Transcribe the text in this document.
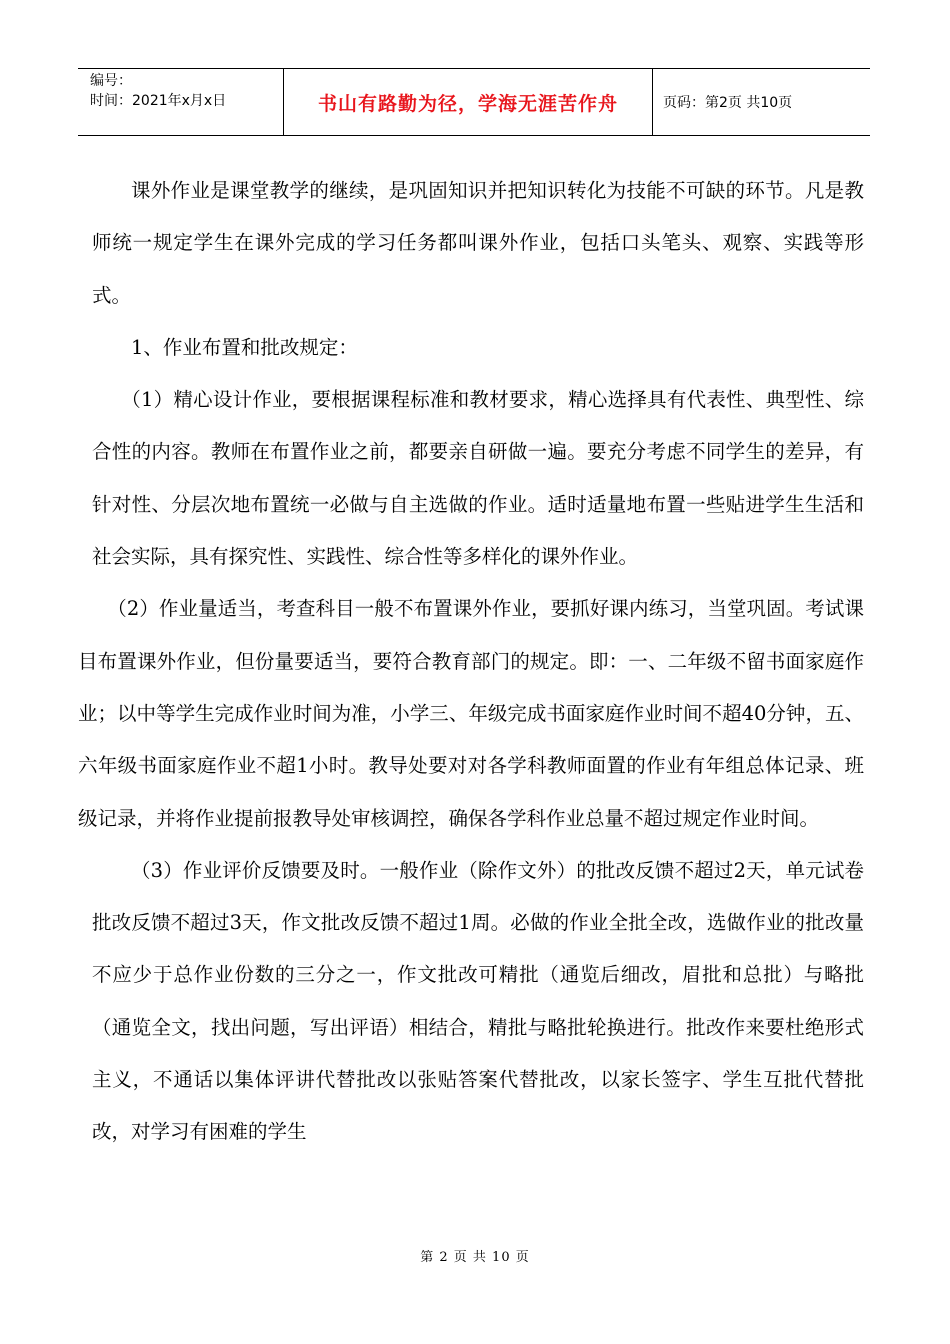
编号：
时间：2021年x月x日	书山有路勤为径，学海无涯苦作舟	页码：第2页 共10页

课外作业是课堂教学的继续，是巩固知识并把知识转化为技能不可缺的环节。凡是教师统一规定学生在课外完成的学习任务都叫课外作业，包括口头笔头、观察、实践等形式。

1、作业布置和批改规定：

（1）精心设计作业，要根据课程标准和教材要求，精心选择具有代表性、典型性、综合性的内容。教师在布置作业之前，都要亲自研做一遍。要充分考虑不同学生的差异，有针对性、分层次地布置统一必做与自主选做的作业。适时适量地布置一些贴进学生生活和社会实际，具有探究性、实践性、综合性等多样化的课外作业。

（2）作业量适当，考查科目一般不布置课外作业，要抓好课内练习，当堂巩固。考试课目布置课外作业，但份量要适当，要符合教育部门的规定。即：一、二年级不留书面家庭作业；以中等学生完成作业时间为准，小学三、年级完成书面家庭作业时间不超40分钟，五、六年级书面家庭作业不超1小时。教导处要对对各学科教师面置的作业有年组总体记录、班级记录，并将作业提前报教导处审核调控，确保各学科作业总量不超过规定作业时间。

（3）作业评价反馈要及时。一般作业（除作文外）的批改反馈不超过2天，单元试卷批改反馈不超过3天，作文批改反馈不超过1周。必做的作业全批全改，选做作业的批改量不应少于总作业份数的三分之一，作文批改可精批（通览后细改，眉批和总批）与略批（通览全文，找出问题，写出评语）相结合，精批与略批轮换进行。批改作来要杜绝形式主义，不通话以集体评讲代替批改以张贴答案代替批改，以家长签字、学生互批代替批改，对学习有困难的学生

第 2 页 共 10 页
